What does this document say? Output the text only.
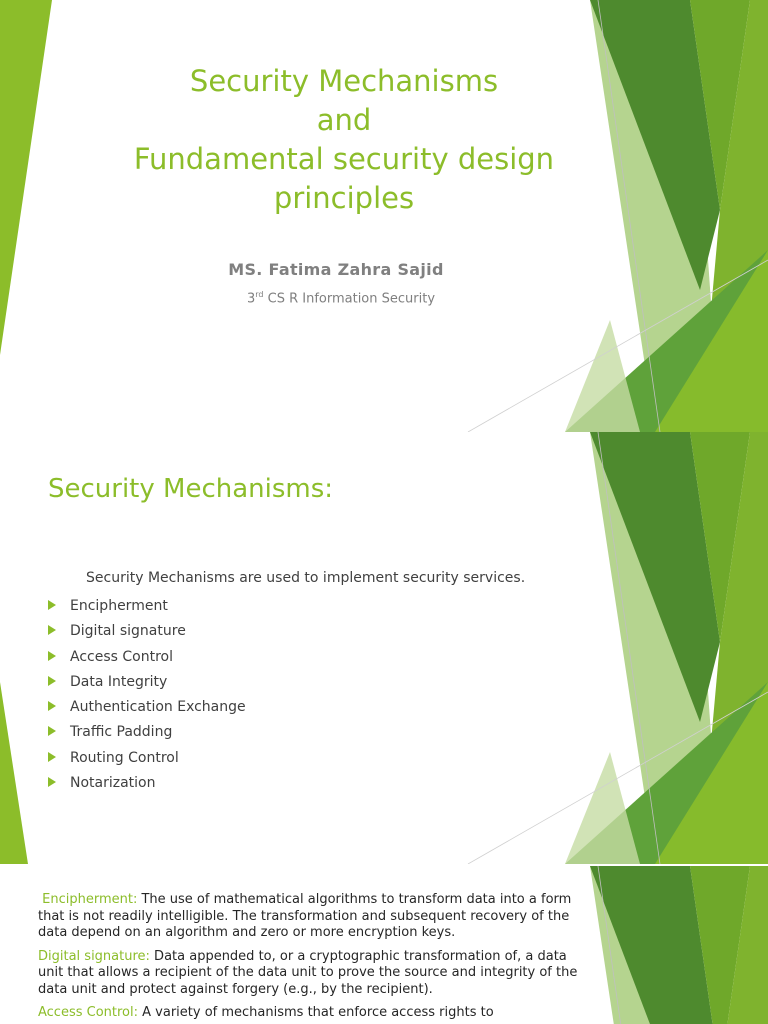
Security Mechanisms
and
Fundamental security design
principles
MS. Fatima Zahra Sajid
3rd CS R Information Security
Security Mechanisms:
Security Mechanisms are used to implement security services.
Encipherment
Digital signature
Access Control
Data Integrity
Authentication Exchange
Traffic Padding
Routing Control
Notarization

Encipherment: The use of mathematical algorithms to transform data into a form that is not readily intelligible. The transformation and subsequent recovery of the data depend on an algorithm and zero or more encryption keys.

Digital signature: Data appended to, or a cryptographic transformation of, a data unit that allows a recipient of the data unit to prove the source and integrity of the data unit and protect against forgery (e.g., by the recipient).

Access Control: A variety of mechanisms that enforce access rights to
